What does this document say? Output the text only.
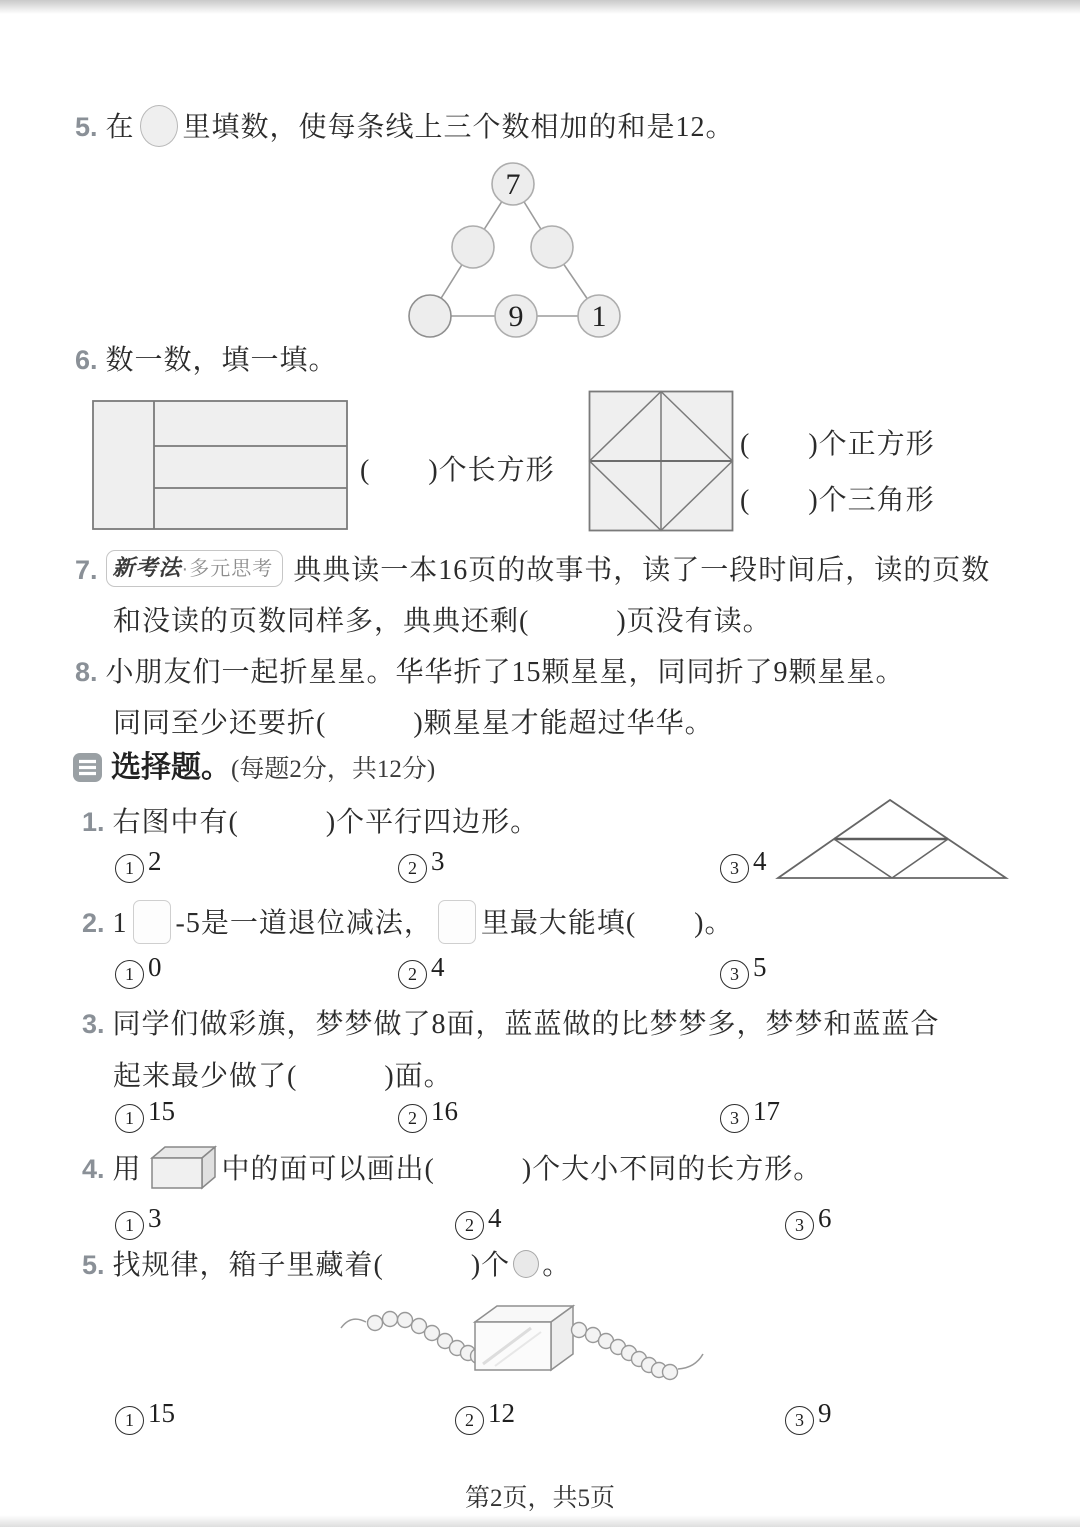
5. 在 里填数，使每条线上三个数相加的和是12。
7
9 1
6. 数一数，填一填。
(　　)个长方形
(　　)个正方形
(　　)个三角形
7. 新考法·多元思考 典典读一本16页的故事书，读了一段时间后，读的页数
和没读的页数同样多，典典还剩(　　　)页没有读。
8. 小朋友们一起折星星。华华折了15颗星星，同同折了9颗星星。
同同至少还要折(　　　)颗星星才能超过华华。
选择题。(每题2分，共12分)
1. 右图中有(　　　)个平行四边形。
1 2	2 3	3 4
2. 1 -5是一道退位减法， 里最大能填(　　)。
1 0	2 4	3 5
3. 同学们做彩旗，梦梦做了8面，蓝蓝做的比梦梦多，梦梦和蓝蓝合
起来最少做了(　　　)面。
1 15	2 16	3 17
4. 用	中的面可以画出(　　　)个大小不同的长方形。
1 3	2 4	3 6
5. 找规律，箱子里藏着(　　　)个 。
1 15	2 12	3 9
第2页，共5页
